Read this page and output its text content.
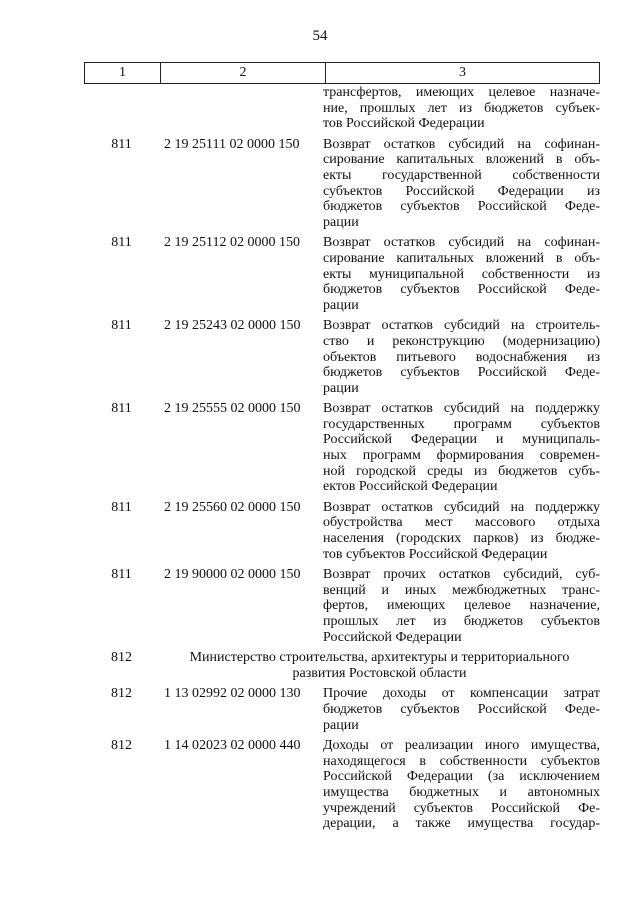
54
1	2	3
трансфертов, имеющих целевое назначе-
ние, прошлых лет из бюджетов субъек-
тов Российской Федерации
811	2 19 25111 02 0000 150	Возврат остатков субсидий на софинан-
сирование капитальных вложений в объ-
екты государственной собственности
субъектов Российской Федерации из
бюджетов субъектов Российской Феде-
рации
811	2 19 25112 02 0000 150	Возврат остатков субсидий на софинан-
сирование капитальных вложений в объ-
екты муниципальной собственности из
бюджетов субъектов Российской Феде-
рации
811	2 19 25243 02 0000 150	Возврат остатков субсидий на строитель-
ство и реконструкцию (модернизацию)
объектов питьевого водоснабжения из
бюджетов субъектов Российской Феде-
рации
811	2 19 25555 02 0000 150	Возврат остатков субсидий на поддержку
государственных программ субъектов
Российской Федерации и муниципаль-
ных программ формирования современ-
ной городской среды из бюджетов субъ-
ектов Российской Федерации
811	2 19 25560 02 0000 150	Возврат остатков субсидий на поддержку
обустройства мест массового отдыха
населения (городских парков) из бюдже-
тов субъектов Российской Федерации
811	2 19 90000 02 0000 150	Возврат прочих остатков субсидий, суб-
венций и иных межбюджетных транс-
фертов, имеющих целевое назначение,
прошлых лет из бюджетов субъектов
Российской Федерации
812	Министерство строительства, архитектуры и территориального
развития Ростовской области
812	1 13 02992 02 0000 130	Прочие доходы от компенсации затрат
бюджетов субъектов Российской Феде-
рации
812	1 14 02023 02 0000 440	Доходы от реализации иного имущества,
находящегося в собственности субъектов
Российской Федерации (за исключением
имущества бюджетных и автономных
учреждений субъектов Российской Фе-
дерации, а также имущества государ-
